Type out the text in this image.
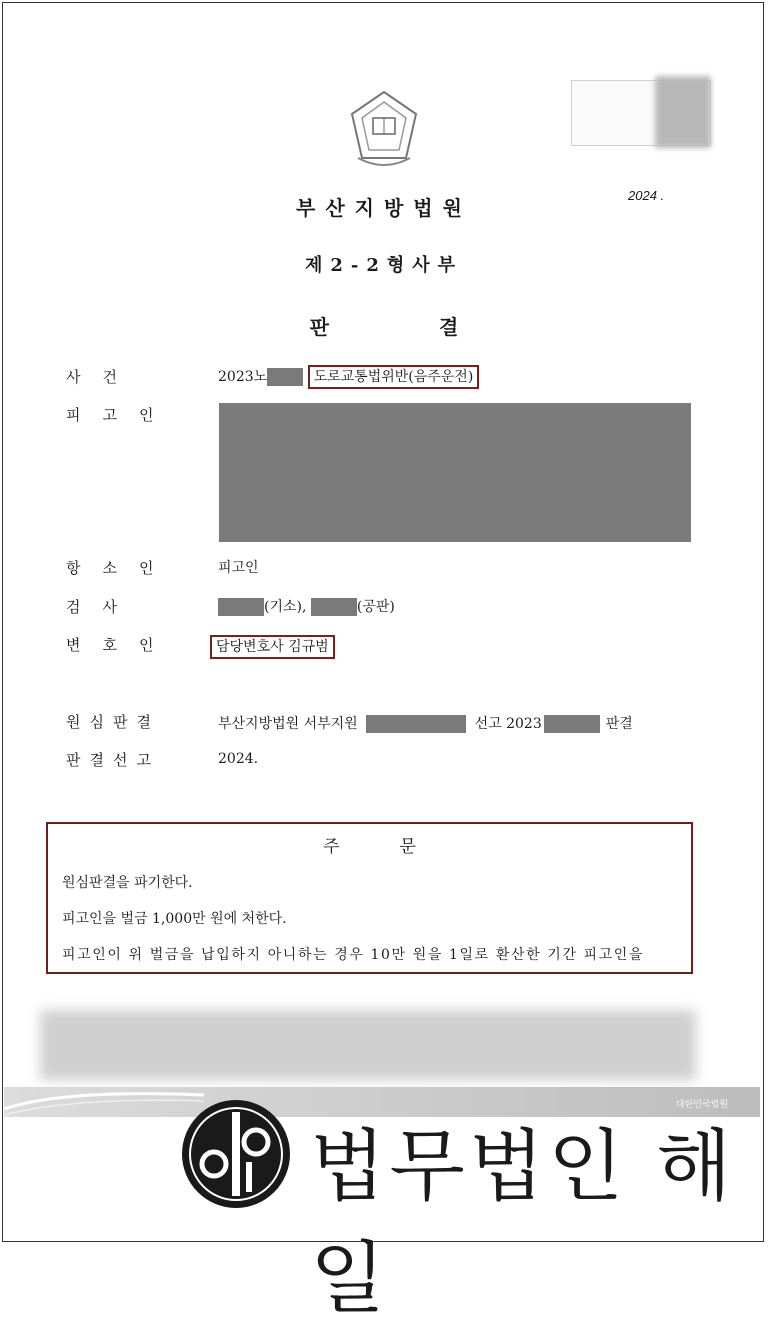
2024 .
부산지방법원
제2-2형사부
판결
사건	2023노	도로교통법위반(음주운전)
피고인
항소인	피고인
검사	(기소),	(공판)
변호인	담당변호사 김규범
원심판결	부산지방법원 서부지원	선고 2023	판결
판결선고	2024.
주문
원심판결을 파기한다.
피고인을 벌금 1,000만 원에 처한다.
피고인이 위 벌금을 납입하지 아니하는 경우 10만 원을 1일로 환산한 기간 피고인을
대한민국법원
법무법인 해일
